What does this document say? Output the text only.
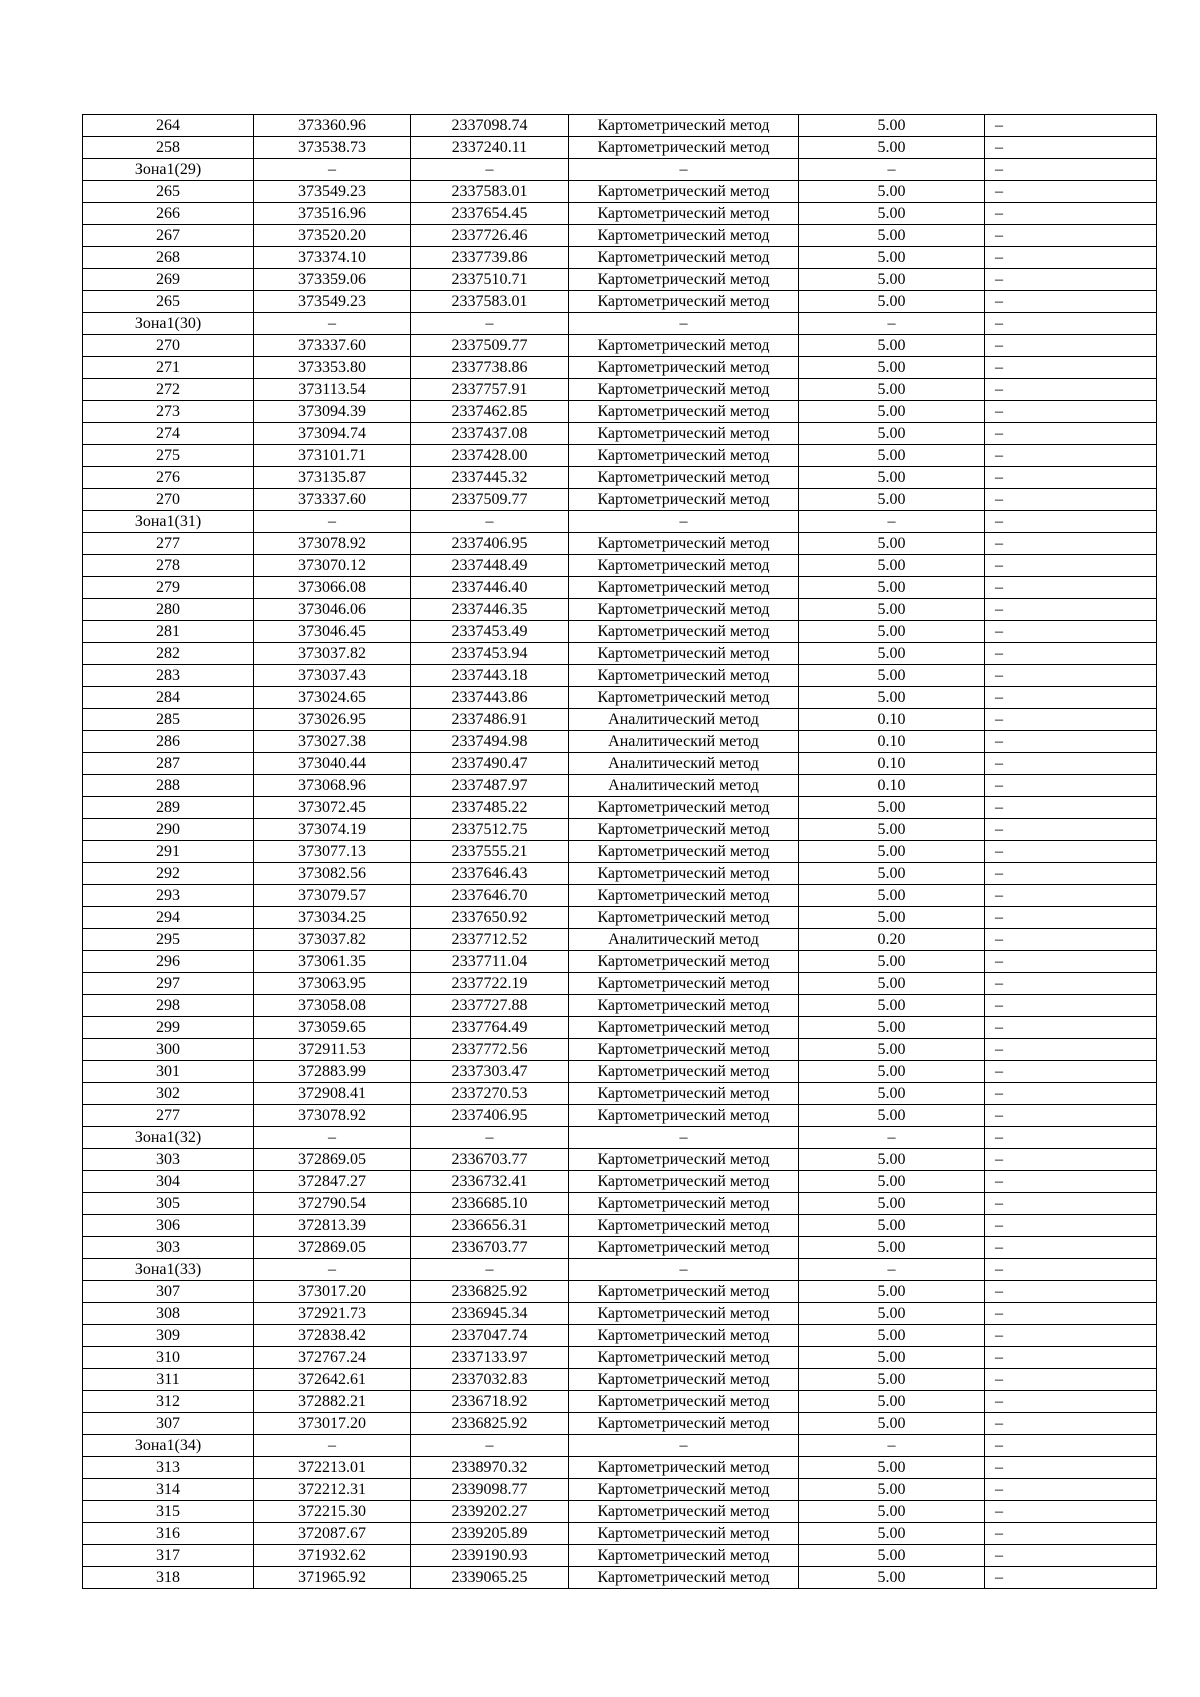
264	373360.96	2337098.74	Картометрический метод	5.00	–
258	373538.73	2337240.11	Картометрический метод	5.00	–
Зона1(29)	–	–	–	–	–
265	373549.23	2337583.01	Картометрический метод	5.00	–
266	373516.96	2337654.45	Картометрический метод	5.00	–
267	373520.20	2337726.46	Картометрический метод	5.00	–
268	373374.10	2337739.86	Картометрический метод	5.00	–
269	373359.06	2337510.71	Картометрический метод	5.00	–
265	373549.23	2337583.01	Картометрический метод	5.00	–
Зона1(30)	–	–	–	–	–
270	373337.60	2337509.77	Картометрический метод	5.00	–
271	373353.80	2337738.86	Картометрический метод	5.00	–
272	373113.54	2337757.91	Картометрический метод	5.00	–
273	373094.39	2337462.85	Картометрический метод	5.00	–
274	373094.74	2337437.08	Картометрический метод	5.00	–
275	373101.71	2337428.00	Картометрический метод	5.00	–
276	373135.87	2337445.32	Картометрический метод	5.00	–
270	373337.60	2337509.77	Картометрический метод	5.00	–
Зона1(31)	–	–	–	–	–
277	373078.92	2337406.95	Картометрический метод	5.00	–
278	373070.12	2337448.49	Картометрический метод	5.00	–
279	373066.08	2337446.40	Картометрический метод	5.00	–
280	373046.06	2337446.35	Картометрический метод	5.00	–
281	373046.45	2337453.49	Картометрический метод	5.00	–
282	373037.82	2337453.94	Картометрический метод	5.00	–
283	373037.43	2337443.18	Картометрический метод	5.00	–
284	373024.65	2337443.86	Картометрический метод	5.00	–
285	373026.95	2337486.91	Аналитический метод	0.10	–
286	373027.38	2337494.98	Аналитический метод	0.10	–
287	373040.44	2337490.47	Аналитический метод	0.10	–
288	373068.96	2337487.97	Аналитический метод	0.10	–
289	373072.45	2337485.22	Картометрический метод	5.00	–
290	373074.19	2337512.75	Картометрический метод	5.00	–
291	373077.13	2337555.21	Картометрический метод	5.00	–
292	373082.56	2337646.43	Картометрический метод	5.00	–
293	373079.57	2337646.70	Картометрический метод	5.00	–
294	373034.25	2337650.92	Картометрический метод	5.00	–
295	373037.82	2337712.52	Аналитический метод	0.20	–
296	373061.35	2337711.04	Картометрический метод	5.00	–
297	373063.95	2337722.19	Картометрический метод	5.00	–
298	373058.08	2337727.88	Картометрический метод	5.00	–
299	373059.65	2337764.49	Картометрический метод	5.00	–
300	372911.53	2337772.56	Картометрический метод	5.00	–
301	372883.99	2337303.47	Картометрический метод	5.00	–
302	372908.41	2337270.53	Картометрический метод	5.00	–
277	373078.92	2337406.95	Картометрический метод	5.00	–
Зона1(32)	–	–	–	–	–
303	372869.05	2336703.77	Картометрический метод	5.00	–
304	372847.27	2336732.41	Картометрический метод	5.00	–
305	372790.54	2336685.10	Картометрический метод	5.00	–
306	372813.39	2336656.31	Картометрический метод	5.00	–
303	372869.05	2336703.77	Картометрический метод	5.00	–
Зона1(33)	–	–	–	–	–
307	373017.20	2336825.92	Картометрический метод	5.00	–
308	372921.73	2336945.34	Картометрический метод	5.00	–
309	372838.42	2337047.74	Картометрический метод	5.00	–
310	372767.24	2337133.97	Картометрический метод	5.00	–
311	372642.61	2337032.83	Картометрический метод	5.00	–
312	372882.21	2336718.92	Картометрический метод	5.00	–
307	373017.20	2336825.92	Картометрический метод	5.00	–
Зона1(34)	–	–	–	–	–
313	372213.01	2338970.32	Картометрический метод	5.00	–
314	372212.31	2339098.77	Картометрический метод	5.00	–
315	372215.30	2339202.27	Картометрический метод	5.00	–
316	372087.67	2339205.89	Картометрический метод	5.00	–
317	371932.62	2339190.93	Картометрический метод	5.00	–
318	371965.92	2339065.25	Картометрический метод	5.00	–
